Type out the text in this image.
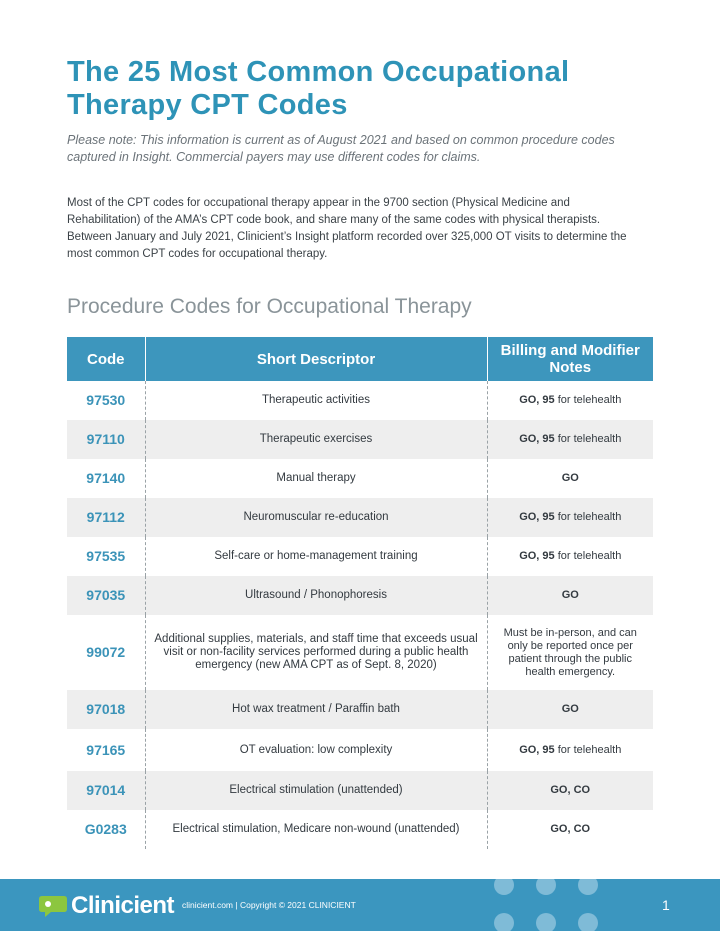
The 25 Most Common Occupational Therapy CPT Codes

Please note: This information is current as of August 2021 and based on common procedure codes captured in Insight. Commercial payers may use different codes for claims.

Most of the CPT codes for occupational therapy appear in the 9700 section (Physical Medicine and Rehabilitation) of the AMA’s CPT code book, and share many of the same codes with physical therapists. Between January and July 2021, Clinicient’s Insight platform recorded over 325,000 OT visits to determine the most common CPT codes for occupational therapy.

Procedure Codes for Occupational Therapy
Code	Short Descriptor	Billing and Modifier Notes
97530	Therapeutic activities	GO, 95 for telehealth
97110	Therapeutic exercises	GO, 95 for telehealth
97140	Manual therapy	GO
97112	Neuromuscular re-education	GO, 95 for telehealth
97535	Self-care or home-management training	GO, 95 for telehealth
97035	Ultrasound / Phonophoresis	GO
99072	Additional supplies, materials, and staff time that exceeds usual visit or non-facility services performed during a public health emergency (new AMA CPT as of Sept. 8, 2020)	Must be in-person, and can only be reported once per patient through the public health emergency.
97018	Hot wax treatment / Paraffin bath	GO
97165	OT evaluation: low complexity	GO, 95 for telehealth
97014	Electrical stimulation (unattended)	GO, CO
G0283	Electrical stimulation, Medicare non-wound (unattended)	GO, CO
Clinicient clinicient.com | Copyright © 2021 CLINICIENT	1
